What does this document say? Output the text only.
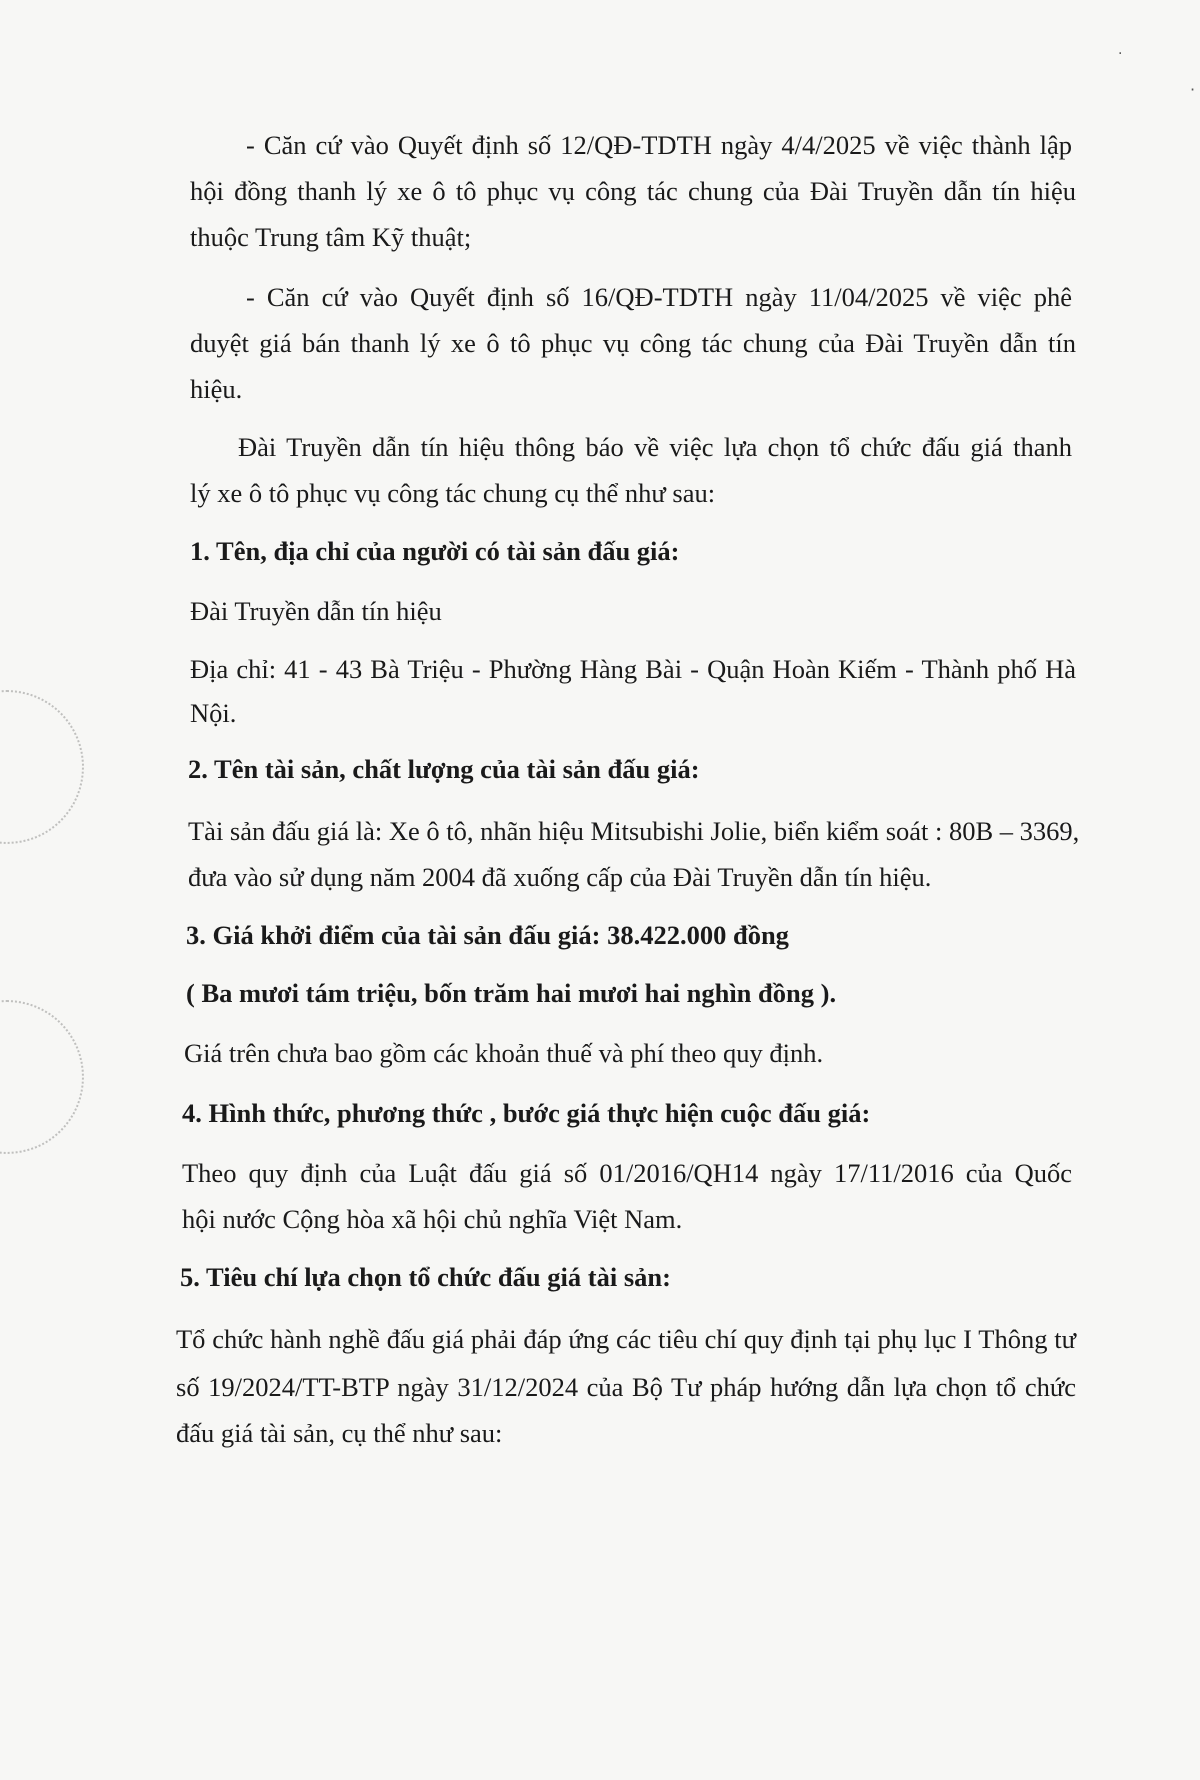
·
·
- Căn cứ vào Quyết định số 12/QĐ-TDTH ngày 4/4/2025 về việc thành lập
hội đồng thanh lý xe ô tô phục vụ công tác chung của Đài Truyền dẫn tín hiệu
thuộc Trung tâm Kỹ thuật;
- Căn cứ vào Quyết định số 16/QĐ-TDTH ngày 11/04/2025 về việc phê
duyệt giá bán thanh lý xe ô tô phục vụ công tác chung của Đài Truyền dẫn tín
hiệu.
Đài Truyền dẫn tín hiệu thông báo về việc lựa chọn tổ chức đấu giá thanh
lý xe ô tô phục vụ công tác chung cụ thể như sau:
1. Tên, địa chỉ của người có tài sản đấu giá:
Đài Truyền dẫn tín hiệu
Địa chỉ: 41 - 43 Bà Triệu - Phường Hàng Bài - Quận Hoàn Kiếm - Thành phố Hà
Nội.
2. Tên tài sản, chất lượng của tài sản đấu giá:
Tài sản đấu giá là: Xe ô tô, nhãn hiệu Mitsubishi Jolie, biển kiểm soát : 80B – 3369,
đưa vào sử dụng năm 2004 đã xuống cấp của Đài Truyền dẫn tín hiệu.
3. Giá khởi điểm của tài sản đấu giá: 38.422.000 đồng
( Ba mươi tám triệu, bốn trăm hai mươi hai nghìn đồng ).
Giá trên chưa bao gồm các khoản thuế và phí theo quy định.
4. Hình thức, phương thức , bước giá thực hiện cuộc đấu giá:
Theo quy định của Luật đấu giá số 01/2016/QH14 ngày 17/11/2016 của Quốc
hội nước Cộng hòa xã hội chủ nghĩa Việt Nam.
5. Tiêu chí lựa chọn tổ chức đấu giá tài sản:
Tổ chức hành nghề đấu giá phải đáp ứng các tiêu chí quy định tại phụ lục I Thông tư
số 19/2024/TT-BTP ngày 31/12/2024 của Bộ Tư pháp hướng dẫn lựa chọn tổ chức
đấu giá tài sản, cụ thể như sau:
